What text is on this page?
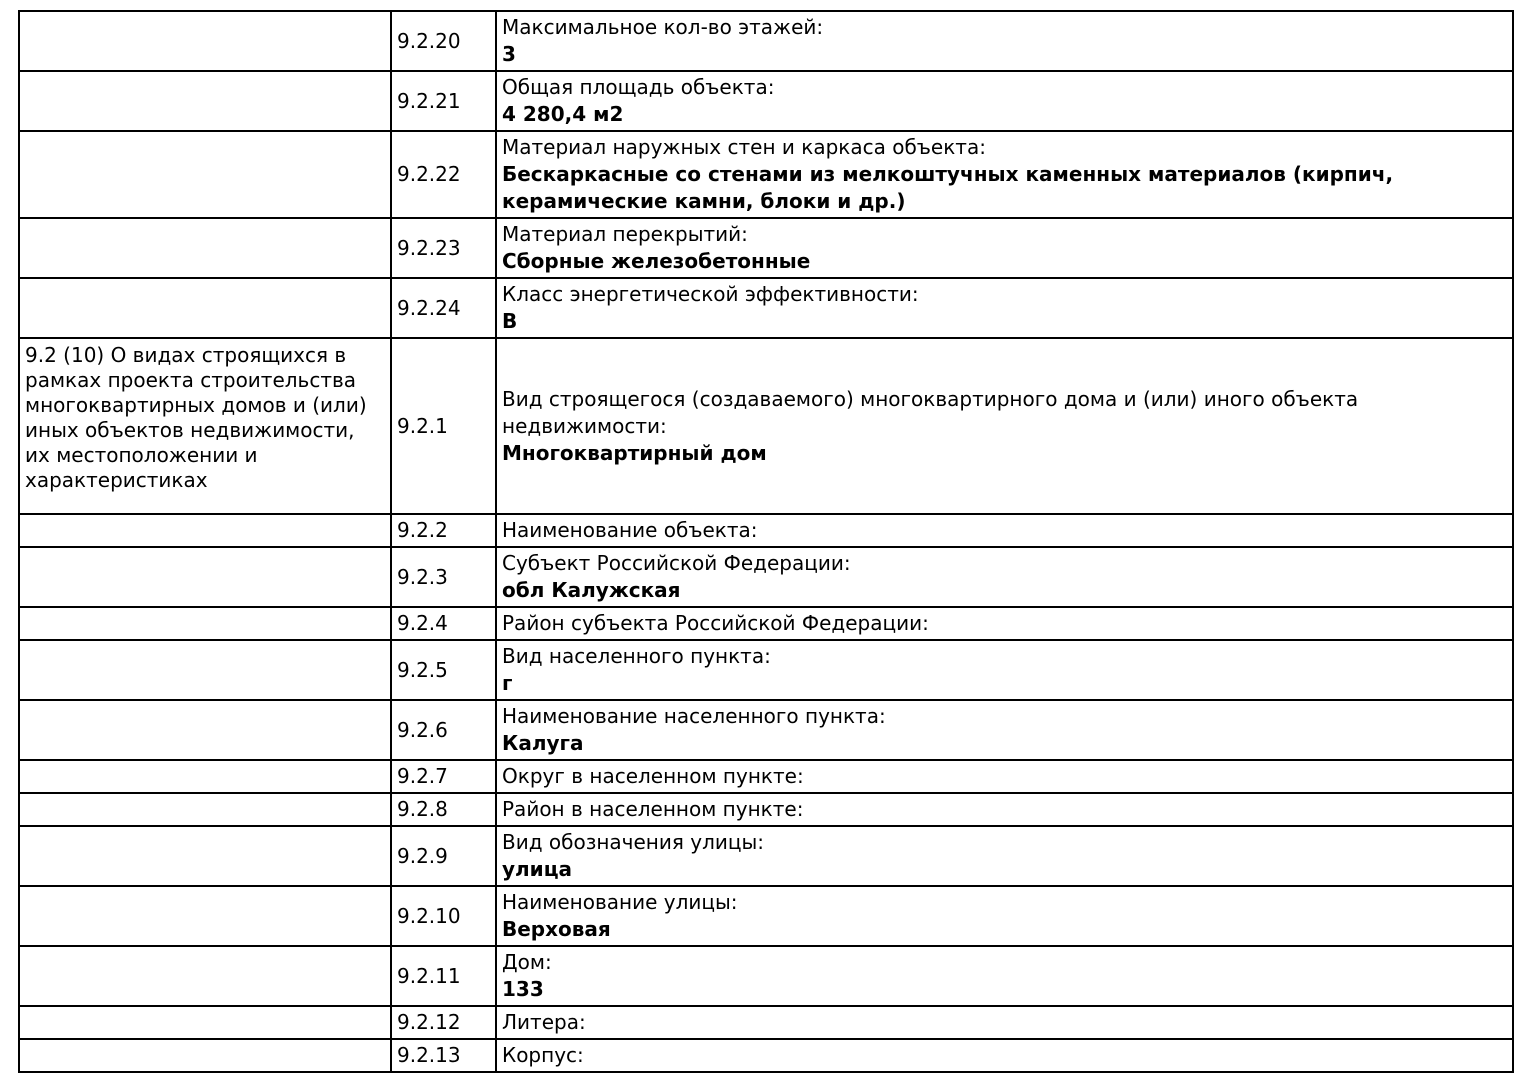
	9.2.20	Максимальное кол-во этажей:
3

	9.2.21	Общая площадь объекта:
4 280,4 м2

	9.2.22	Материал наружных стен и каркаса объекта:
Бескаркасные со стенами из мелкоштучных каменных материалов (кирпич, керамические камни, блоки и др.)

	9.2.23	Материал перекрытий:
Сборные железобетонные

	9.2.24	Класс энергетической эффективности:
В

9.2 (10) О видах строящихся в рамках проекта строительства многоквартирных домов и (или) иных объектов недвижимости, их местоположении и характеристиках	9.2.1	Вид строящегося (создаваемого) многоквартирного дома и (или) иного объекта недвижимости:
Многоквартирный дом

	9.2.2	Наименование объекта:

	9.2.3	Субъект Российской Федерации:
обл Калужская

	9.2.4	Район субъекта Российской Федерации:

	9.2.5	Вид населенного пункта:
г

	9.2.6	Наименование населенного пункта:
Калуга

	9.2.7	Округ в населенном пункте:

	9.2.8	Район в населенном пункте:

	9.2.9	Вид обозначения улицы:
улица

	9.2.10	Наименование улицы:
Верховая

	9.2.11	Дом:
133

	9.2.12	Литера:

	9.2.13	Корпус:
